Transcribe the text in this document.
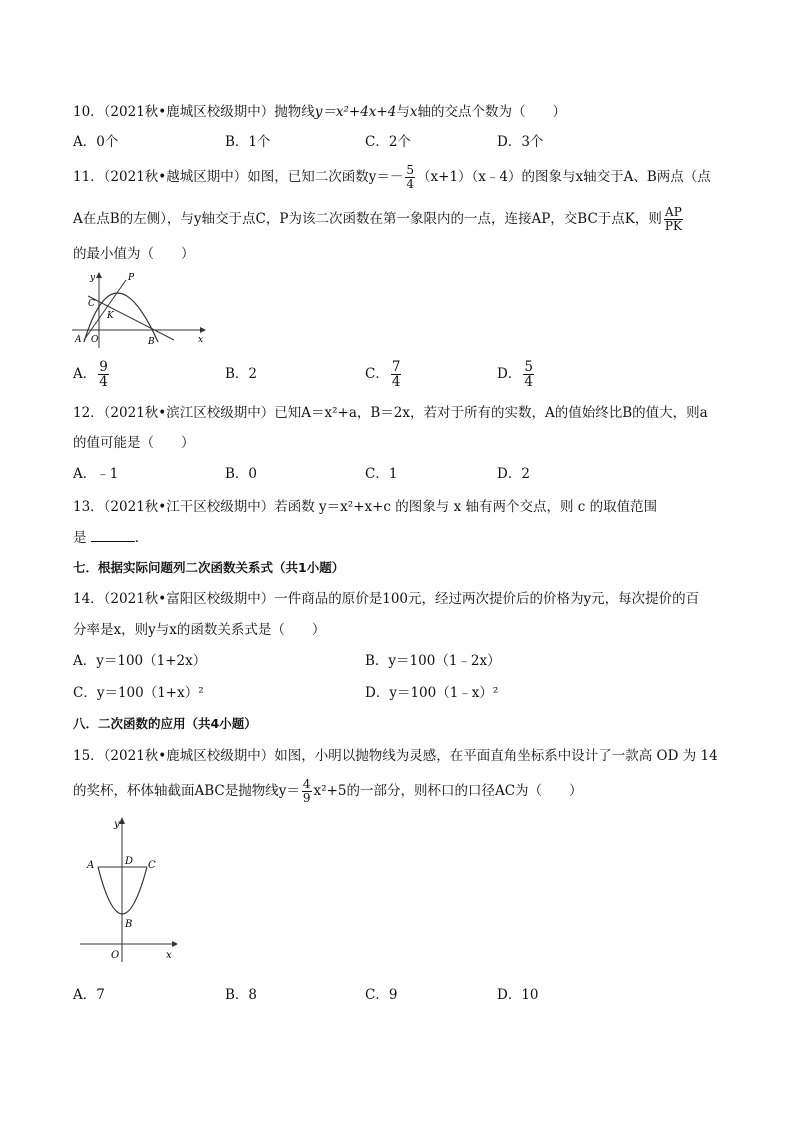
10．（2021秋•鹿城区校级期中）抛物线y＝x²+4x+4与x轴的交点个数为（　　）
A．0个	B．1个	C．2个	D．3个
11．（2021秋•越城区期中）如图，已知二次函数$y=- \frac{5}{4}$ （x+1）（x﹣4）的图象与x轴交于A、B两点（点
A在点B的左侧），与y轴交于点C，P为该二次函数在第一象限内的一点，连接AP，交BC于点K，则 $\frac{AP}{PK}$
的最小值为（　　）
y
x
P
C
K
A O	B
A． $\frac{9}{4}$	B．2	C． $\frac{7}{4}$	D． $\frac{5}{4}$
12．（2021秋•滨江区校级期中）已知A＝x²+a，B＝2x，若对于所有的实数，A的值始终比B的值大，则a
的值可能是（　　）
A．﹣1	B．0	C．1	D．2
13．（2021秋•江干区校级期中）若函数 y＝x²+x+c 的图象与 x 轴有两个交点，则 c 的取值范围
是	．
七．根据实际问题列二次函数关系式（共1小题）
14．（2021秋•富阳区校级期中）一件商品的原价是100元，经过两次提价后的价格为y元，每次提价的百
分率是x，则y与x的函数关系式是（　　）
A．y＝100（1+2x）	B．y＝100（1﹣2x）
C．y＝100（1+x）²	D．y＝100（1﹣x）²
八．二次函数的应用（共4小题）
15．（2021秋•鹿城区校级期中）如图，小明以抛物线为灵感，在平面直角坐标系中设计了一款高 OD 为 14
的奖杯，杯体轴截面ABC是抛物线$y= \frac{4}{9} x^2+5$的一部分，则杯口的口径AC为（　　）
y
x
A	D C
B
O
A．7	B．8	C．9	D．10
